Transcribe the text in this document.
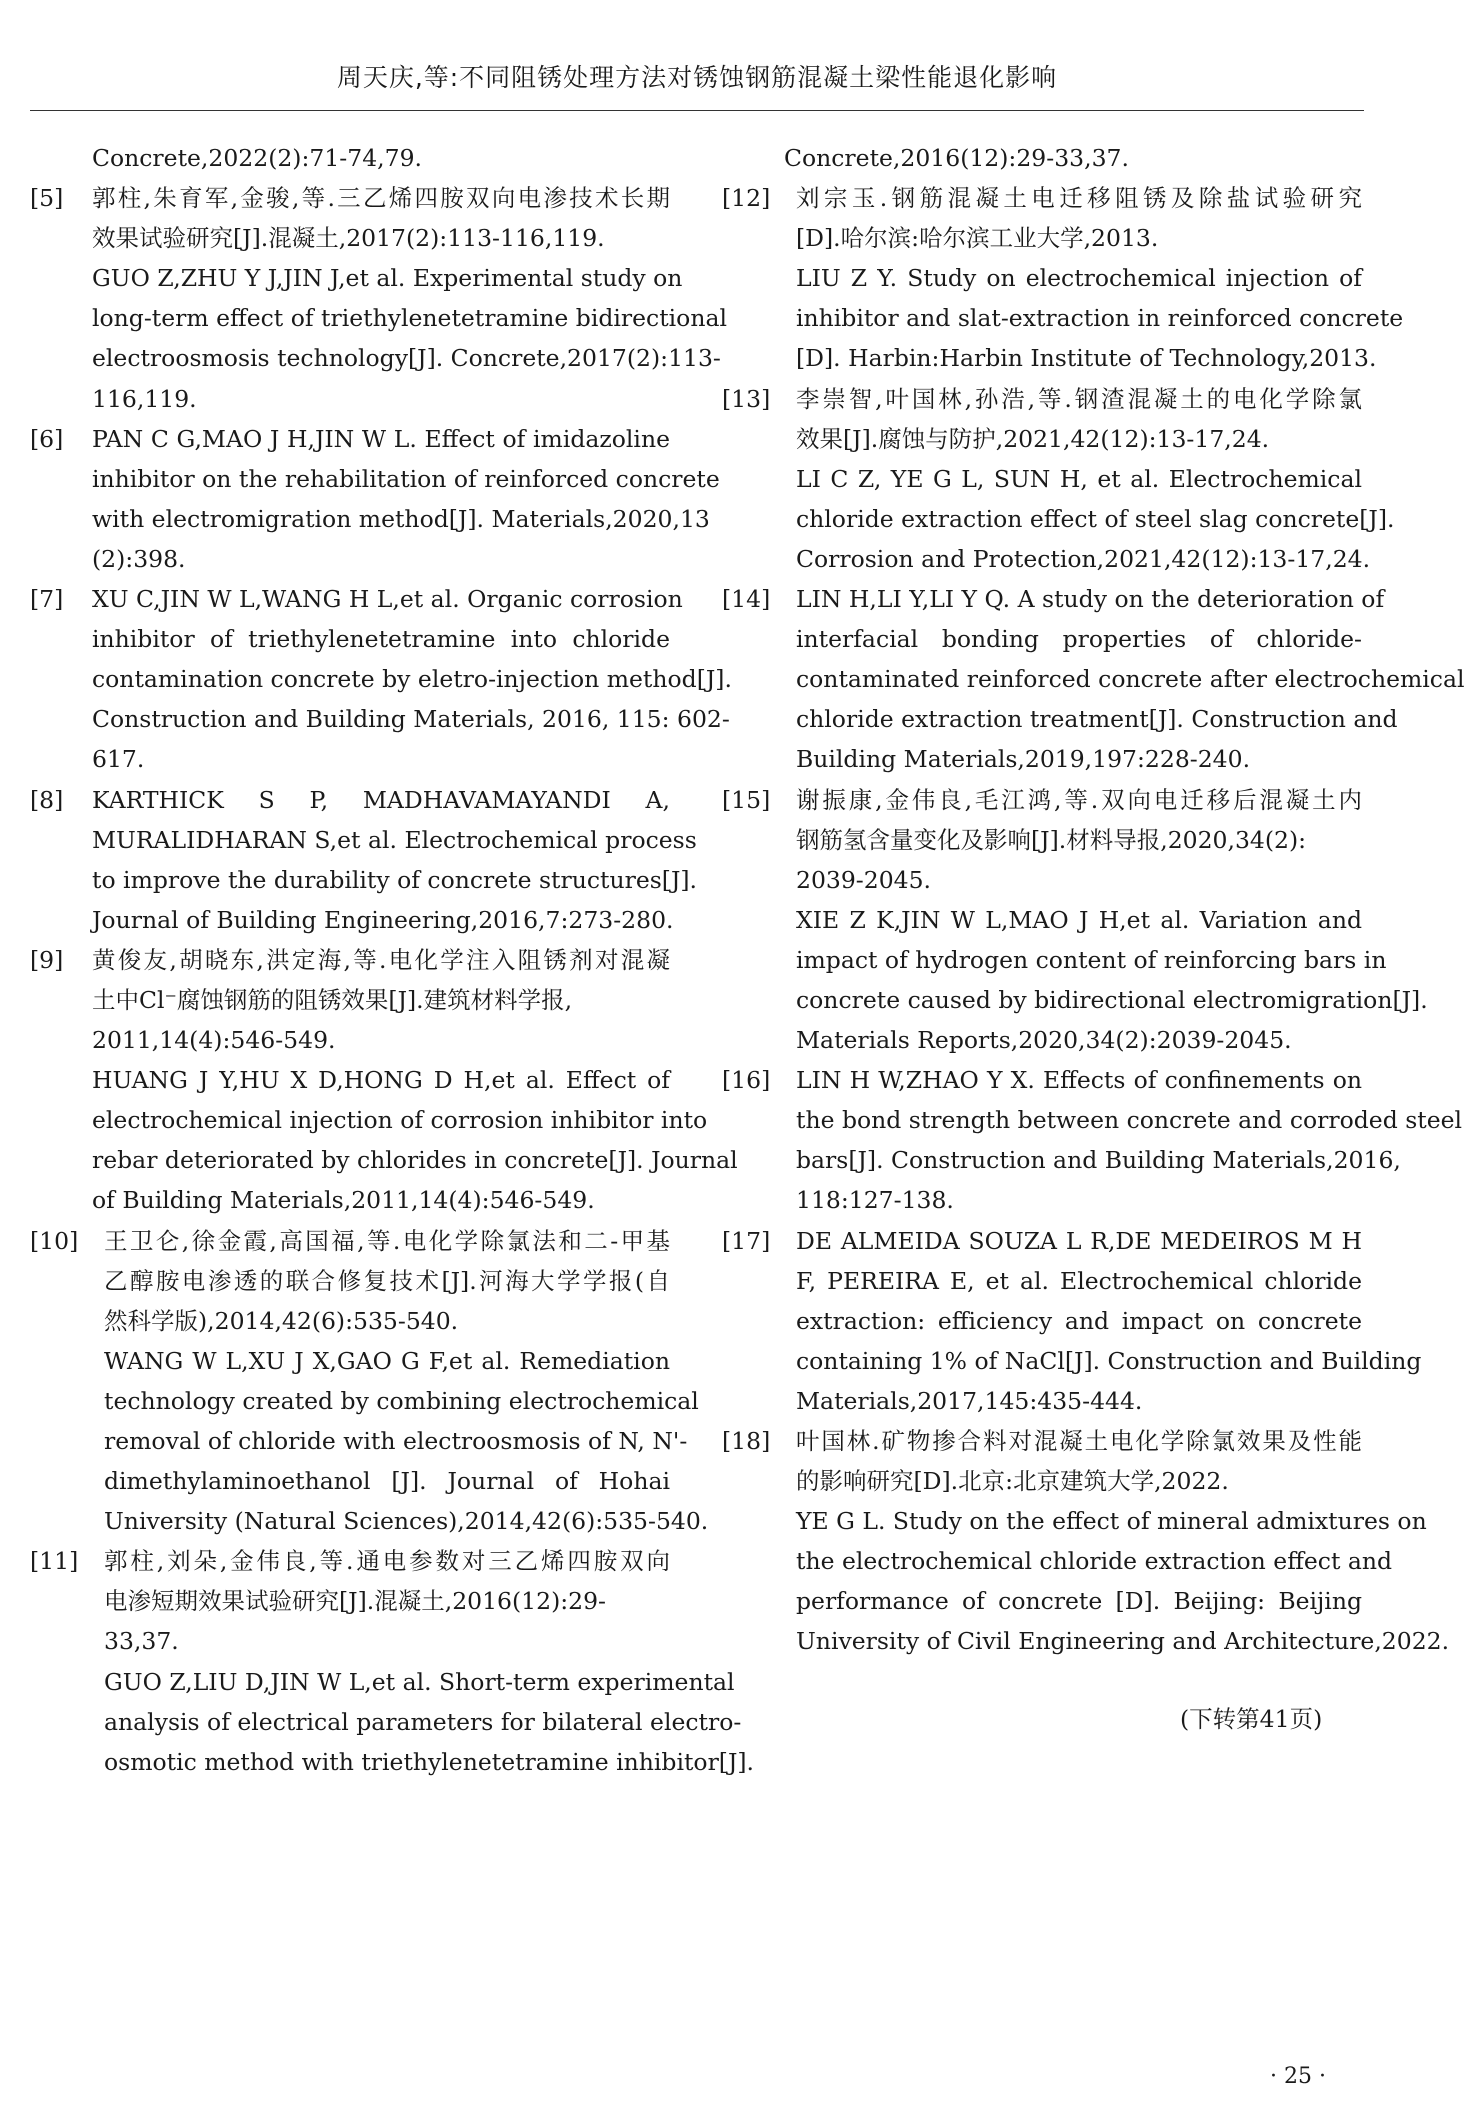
周天庆,等:不同阻锈处理方法对锈蚀钢筋混凝土梁性能退化影响
Concrete,2022(2):71-74,79.
[5] 郭柱,朱育军,金骏,等.三乙烯四胺双向电渗技术长期
效果试验研究[J].混凝土,2017(2):113-116,119.
GUO Z,ZHU Y J,JIN J,et al. Experimental study on
long-term effect of triethylenetetramine bidirectional
electroosmosis technology[J]. Concrete,2017(2):113-
116,119.
[6] PAN C G,MAO J H,JIN W L. Effect of imidazoline
inhibitor on the rehabilitation of reinforced concrete
with electromigration method[J]. Materials,2020,13
(2):398.
[7] XU C,JIN W L,WANG H L,et al. Organic corrosion
inhibitor of triethylenetetramine into chloride
contamination concrete by eletro-injection method[J].
Construction and Building Materials, 2016, 115: 602-
617.
[8] KARTHICK S P, MADHAVAMAYANDI A,
MURALIDHARAN S,et al. Electrochemical process
to improve the durability of concrete structures[J].
Journal of Building Engineering,2016,7:273-280.
[9] 黄俊友,胡晓东,洪定海,等.电化学注入阻锈剂对混凝
土中Cl⁻腐蚀钢筋的阻锈效果[J].建筑材料学报,
2011,14(4):546-549.
HUANG J Y,HU X D,HONG D H,et al. Effect of
electrochemical injection of corrosion inhibitor into
rebar deteriorated by chlorides in concrete[J]. Journal
of Building Materials,2011,14(4):546-549.
[10] 王卫仑,徐金霞,高国福,等.电化学除氯法和二-甲基
乙醇胺电渗透的联合修复技术[J].河海大学学报(自
然科学版),2014,42(6):535-540.
WANG W L,XU J X,GAO G F,et al. Remediation
technology created by combining electrochemical
removal of chloride with electroosmosis of N, N'-
dimethylaminoethanol [J]. Journal of Hohai
University (Natural Sciences),2014,42(6):535-540.
[11] 郭柱,刘朵,金伟良,等.通电参数对三乙烯四胺双向
电渗短期效果试验研究[J].混凝土,2016(12):29-
33,37.
GUO Z,LIU D,JIN W L,et al. Short-term experimental
analysis of electrical parameters for bilateral electro-
osmotic method with triethylenetetramine inhibitor[J].
Concrete,2016(12):29-33,37.
[12] 刘宗玉.钢筋混凝土电迁移阻锈及除盐试验研究
[D].哈尔滨:哈尔滨工业大学,2013.
LIU Z Y. Study on electrochemical injection of
inhibitor and slat-extraction in reinforced concrete
[D]. Harbin:Harbin Institute of Technology,2013.
[13] 李崇智,叶国林,孙浩,等.钢渣混凝土的电化学除氯
效果[J].腐蚀与防护,2021,42(12):13-17,24.
LI C Z, YE G L, SUN H, et al. Electrochemical
chloride extraction effect of steel slag concrete[J].
Corrosion and Protection,2021,42(12):13-17,24.
[14] LIN H,LI Y,LI Y Q. A study on the deterioration of
interfacial bonding properties of chloride-
contaminated reinforced concrete after electrochemical
chloride extraction treatment[J]. Construction and
Building Materials,2019,197:228-240.
[15] 谢振康,金伟良,毛江鸿,等.双向电迁移后混凝土内
钢筋氢含量变化及影响[J].材料导报,2020,34(2):
2039-2045.
XIE Z K,JIN W L,MAO J H,et al. Variation and
impact of hydrogen content of reinforcing bars in
concrete caused by bidirectional electromigration[J].
Materials Reports,2020,34(2):2039-2045.
[16] LIN H W,ZHAO Y X. Effects of confinements on
the bond strength between concrete and corroded steel
bars[J]. Construction and Building Materials,2016,
118:127-138.
[17] DE ALMEIDA SOUZA L R,DE MEDEIROS M H
F, PEREIRA E, et al. Electrochemical chloride
extraction: efficiency and impact on concrete
containing 1% of NaCl[J]. Construction and Building
Materials,2017,145:435-444.
[18] 叶国林.矿物掺合料对混凝土电化学除氯效果及性能
的影响研究[D].北京:北京建筑大学,2022.
YE G L. Study on the effect of mineral admixtures on
the electrochemical chloride extraction effect and
performance of concrete [D]. Beijing: Beijing
University of Civil Engineering and Architecture,2022.
(下转第41页)
· 25 ·
